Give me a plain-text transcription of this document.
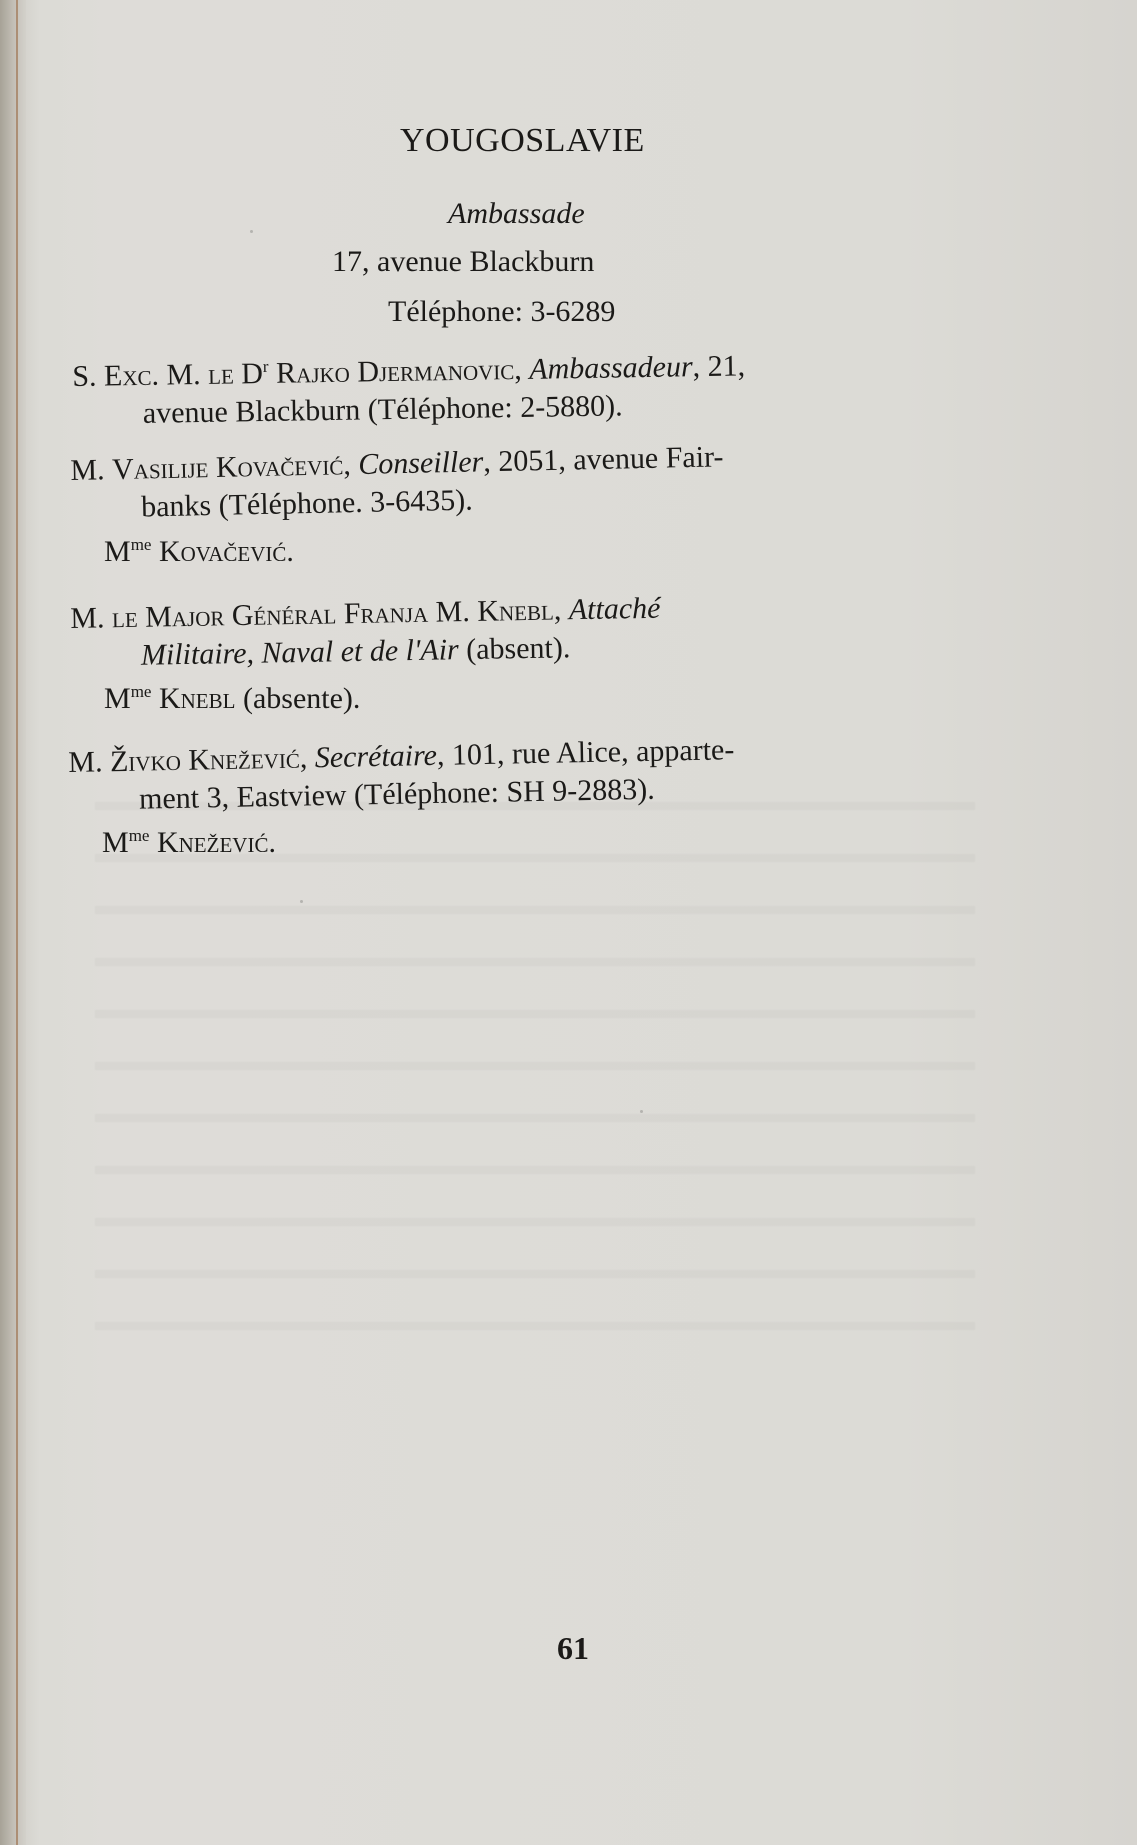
YOUGOSLAVIE
Ambassade
17, avenue Blackburn
Téléphone: 3-6289
S. Exc. M. le $D^r$ Rajko Djermanovic, Ambassadeur, 21,
avenue Blackburn (Téléphone: 2-5880).
M. Vasilije Kovačević, Conseiller, 2051, avenue Fair-
banks (Téléphone. 3-6435).
$M^{me}$ Kovačević.
M. le Major Général Franja M. Knebl, Attaché
Militaire, Naval et de l'Air (absent).
$M^{me}$ Knebl (absente).
M. Živko Knežević, Secrétaire, 101, rue Alice, apparte-
ment 3, Eastview (Téléphone: SH 9-2883).
$M^{me}$ Knežević.
61
